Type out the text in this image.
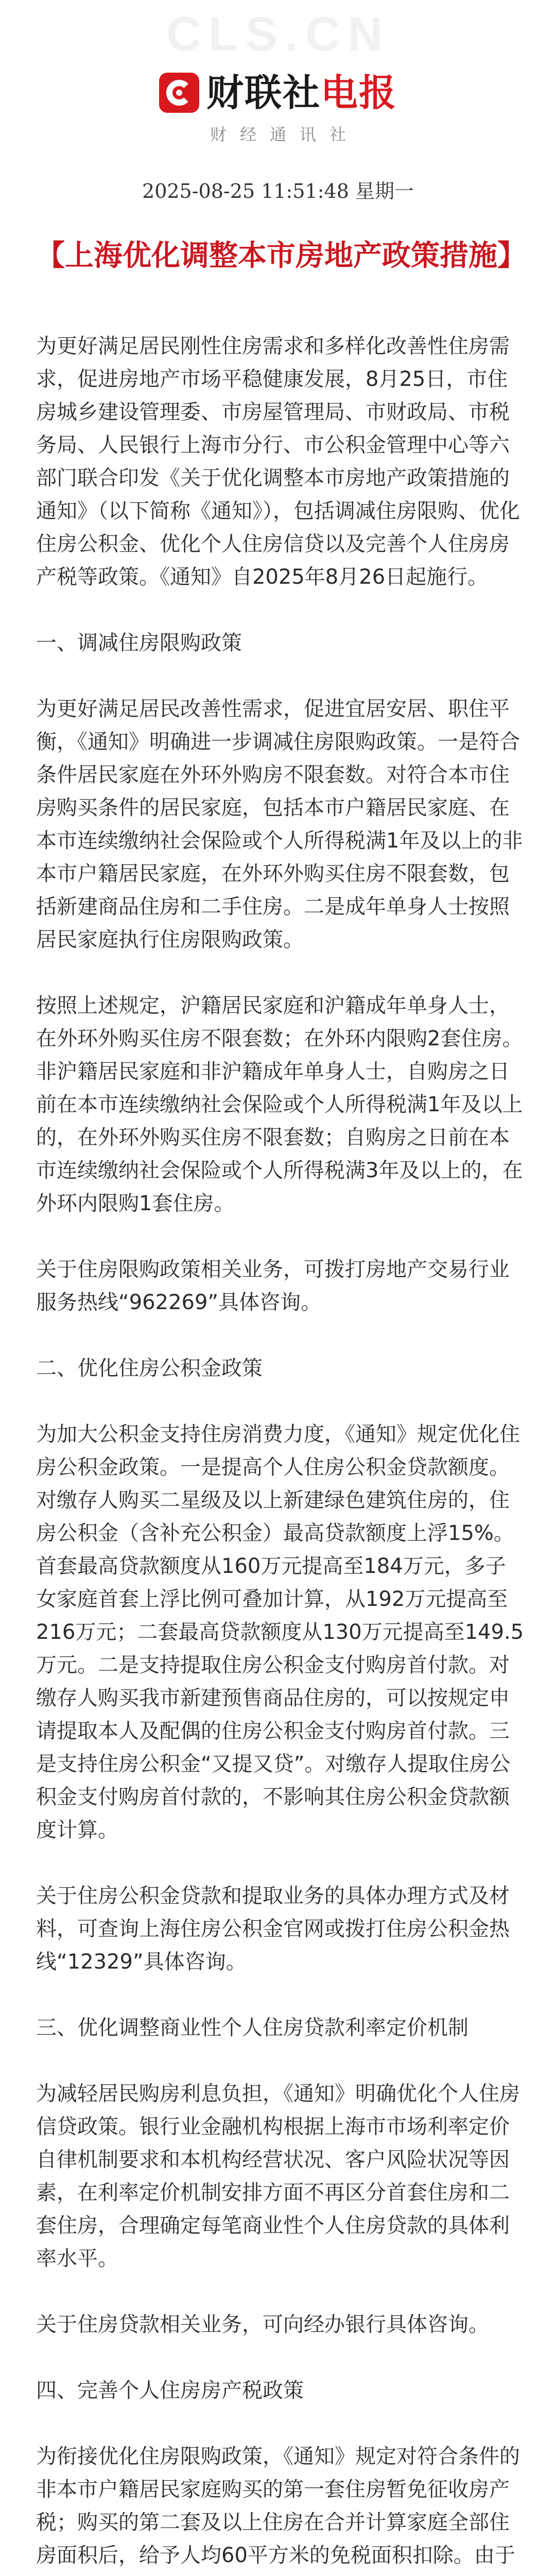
CLS.CN
财联社电报
财经通讯社
2025-08-25 11:51:48 星期一
【上海优化调整本市房地产政策措施】

为更好满足居民刚性住房需求和多样化改善性住房需求，促进房地产市场平稳健康发展，8月25日，市住房城乡建设管理委、市房屋管理局、市财政局、市税务局、人民银行上海市分行、市公积金管理中心等六部门联合印发《关于优化调整本市房地产政策措施的通知》（以下简称《通知》），包括调减住房限购、优化住房公积金、优化个人住房信贷以及完善个人住房房产税等政策。《通知》自2025年8月26日起施行。

一、调减住房限购政策

为更好满足居民改善性需求，促进宜居安居、职住平衡，《通知》明确进一步调减住房限购政策。一是符合条件居民家庭在外环外购房不限套数。对符合本市住房购买条件的居民家庭，包括本市户籍居民家庭、在本市连续缴纳社会保险或个人所得税满1年及以上的非本市户籍居民家庭，在外环外购买住房不限套数，包括新建商品住房和二手住房。二是成年单身人士按照居民家庭执行住房限购政策。

按照上述规定，沪籍居民家庭和沪籍成年单身人士，在外环外购买住房不限套数；在外环内限购2套住房。非沪籍居民家庭和非沪籍成年单身人士，自购房之日前在本市连续缴纳社会保险或个人所得税满1年及以上的，在外环外购买住房不限套数；自购房之日前在本市连续缴纳社会保险或个人所得税满3年及以上的，在外环内限购1套住房。

关于住房限购政策相关业务，可拨打房地产交易行业服务热线“962269”具体咨询。

二、优化住房公积金政策

为加大公积金支持住房消费力度，《通知》规定优化住房公积金政策。一是提高个人住房公积金贷款额度。对缴存人购买二星级及以上新建绿色建筑住房的，住房公积金（含补充公积金）最高贷款额度上浮15%。首套最高贷款额度从160万元提高至184万元，多子女家庭首套上浮比例可叠加计算，从192万元提高至216万元；二套最高贷款额度从130万元提高至149.5万元。二是支持提取住房公积金支付购房首付款。对缴存人购买我市新建预售商品住房的，可以按规定申请提取本人及配偶的住房公积金支付购房首付款。三是支持住房公积金“又提又贷”。对缴存人提取住房公积金支付购房首付款的，不影响其住房公积金贷款额度计算。

关于住房公积金贷款和提取业务的具体办理方式及材料，可查询上海住房公积金官网或拨打住房公积金热线“12329”具体咨询。

三、优化调整商业性个人住房贷款利率定价机制

为减轻居民购房利息负担，《通知》明确优化个人住房信贷政策。银行业金融机构根据上海市市场利率定价自律机制要求和本机构经营状况、客户风险状况等因素，在利率定价机制安排方面不再区分首套住房和二套住房，合理确定每笔商业性个人住房贷款的具体利率水平。

关于住房贷款相关业务，可向经办银行具体咨询。

四、完善个人住房房产税政策

为衔接优化住房限购政策，《通知》规定对符合条件的非本市户籍居民家庭购买的第一套住房暂免征收房产税；购买的第二套及以上住房在合并计算家庭全部住房面积后，给予人均60平方米的免税面积扣除。由于
